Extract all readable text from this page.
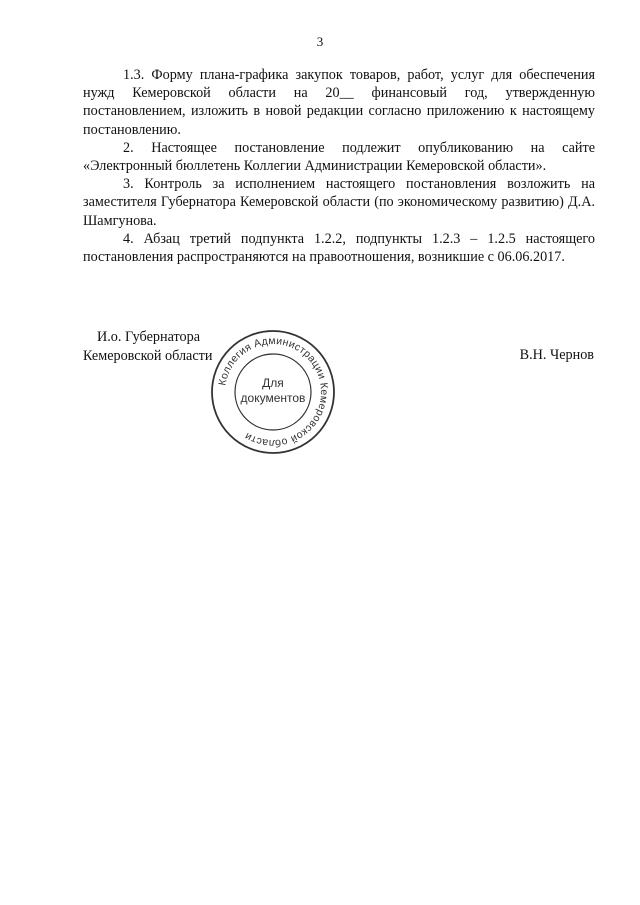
3

1.3. Форму плана-графика закупок товаров, работ, услуг для обеспечения нужд Кемеровской области на 20__ финансовый год, утвержденную постановлением, изложить в новой редакции согласно приложению к настоящему постановлению.

2. Настоящее постановление подлежит опубликованию на сайте «Электронный бюллетень Коллегии Администрации Кемеровской области».

3. Контроль за исполнением настоящего постановления возложить на заместителя Губернатора Кемеровской области (по экономическому развитию) Д.А. Шамгунова.

4. Абзац третий подпункта 1.2.2, подпункты 1.2.3 – 1.2.5 настоящего постановления распространяются на правоотношения, возникшие с 06.06.2017.

И.о. Губернатора
Кемеровской области	В.Н. Чернов
Коллегия Администрации Кемеровской области
Для
документов
